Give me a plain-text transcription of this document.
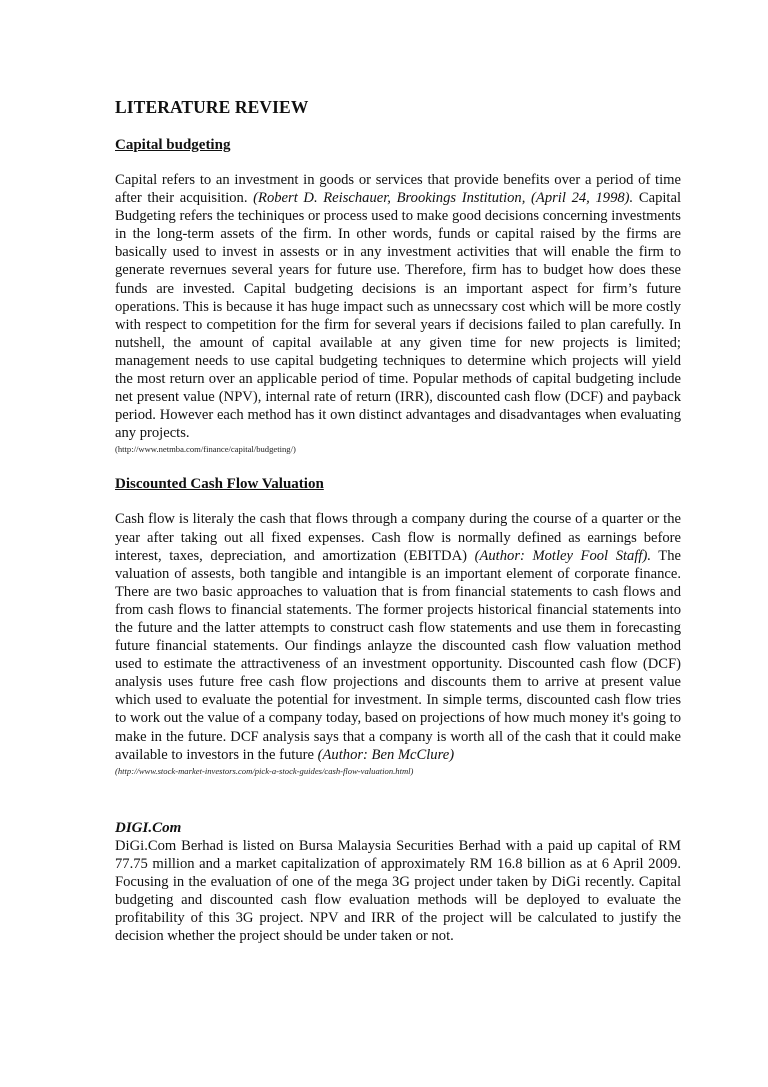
LITERATURE REVIEW
Capital budgeting

Capital refers to an investment in goods or services that provide benefits over a period of time after their acquisition. (Robert D. Reischauer, Brookings Institution, (April 24, 1998). Capital Budgeting refers the techiniques or process used to make good decisions concerning investments in the long-term assets of the firm. In other words, funds or capital raised by the firms are basically used to invest in assests or in any investment activities that will enable the firm to generate revernues several years for future use. Therefore, firm has to budget how does these funds are invested. Capital budgeting decisions is an important aspect for firm’s future operations. This is because it has huge impact such as unnecssary cost which will be more costly with respect to competition for the firm for several years if decisions failed to plan carefully. In nutshell, the amount of capital available at any given time for new projects is limited; management needs to use capital budgeting techniques to determine which projects will yield the most return over an applicable period of time. Popular methods of capital budgeting include net present value (NPV), internal rate of return (IRR), discounted cash flow (DCF) and payback period. However each method has it own distinct advantages and disadvantages when evaluating any projects.

(http://www.netmba.com/finance/capital/budgeting/)
Discounted Cash Flow Valuation

Cash flow is literaly the cash that flows through a company during the course of a quarter or the year after taking out all fixed expenses. Cash flow is normally defined as earnings before interest, taxes, depreciation, and amortization (EBITDA) (Author: Motley Fool Staff). The valuation of assests, both tangible and intangible is an important element of corporate finance. There are two basic approaches to valuation that is from financial statements to cash flows and from cash flows to financial statements. The former projects historical financial statements into the future and the latter attempts to construct cash flow statements and use them in forecasting future financial statements. Our findings anlayze the discounted cash flow valuation method used to estimate the attractiveness of an investment opportunity. Discounted cash flow (DCF) analysis uses future free cash flow projections and discounts them to arrive at present value which used to evaluate the potential for investment. In simple terms, discounted cash flow tries to work out the value of a company today, based on projections of how much money it's going to make in the future. DCF analysis says that a company is worth all of the cash that it could make available to investors in the future (Author: Ben McClure)

(http://www.stock-market-investors.com/pick-a-stock-guides/cash-flow-valuation.html)
DIGI.Com

DiGi.Com Berhad is listed on Bursa Malaysia Securities Berhad with a paid up capital of RM 77.75 million and a market capitalization of approximately RM 16.8 billion as at 6 April 2009. Focusing in the evaluation of one of the mega 3G project under taken by DiGi recently. Capital budgeting and discounted cash flow evaluation methods will be deployed to evaluate the profitability of this 3G project. NPV and IRR of the project will be calculated to justify the decision whether the project should be under taken or not.
